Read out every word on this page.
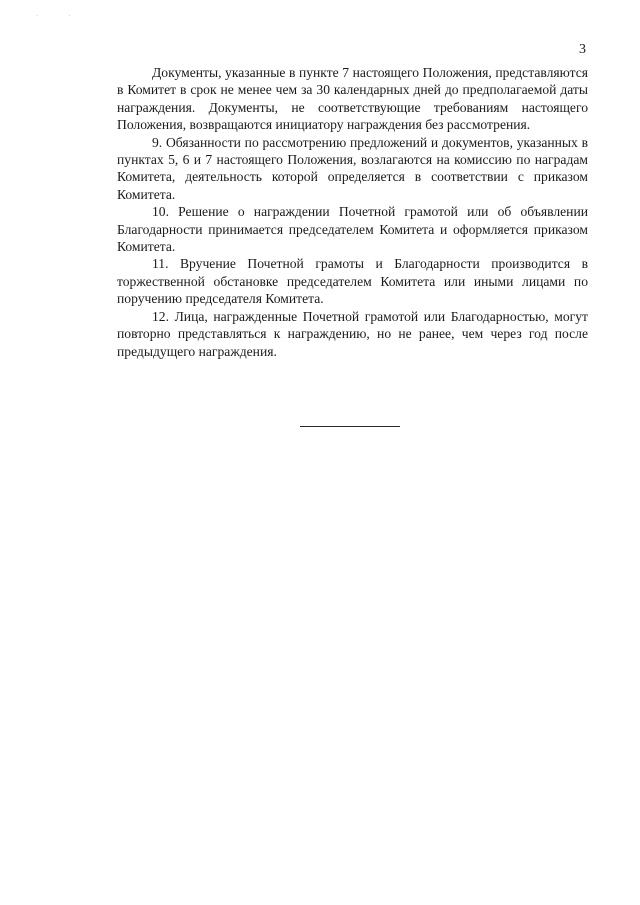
· ·
3

Документы, указанные в пункте 7 настоящего Положения, представляются в Комитет в срок не менее чем за 30 календарных дней до предполагаемой даты награждения. Документы, не соответствующие требованиям настоящего Положения, возвращаются инициатору награждения без рассмотрения.

9. Обязанности по рассмотрению предложений и документов, указанных в пунктах 5, 6 и 7 настоящего Положения, возлагаются на комиссию по наградам Комитета, деятельность которой определяется в соответствии с приказом Комитета.

10. Решение о награждении Почетной грамотой или об объявлении Благодарности принимается председателем Комитета и оформляется приказом Комитета.

11. Вручение Почетной грамоты и Благодарности производится в торжественной обстановке председателем Комитета или иными лицами по поручению председателя Комитета.

12. Лица, награжденные Почетной грамотой или Благодарностью, могут повторно представляться к награждению, но не ранее, чем через год после предыдущего награждения.
